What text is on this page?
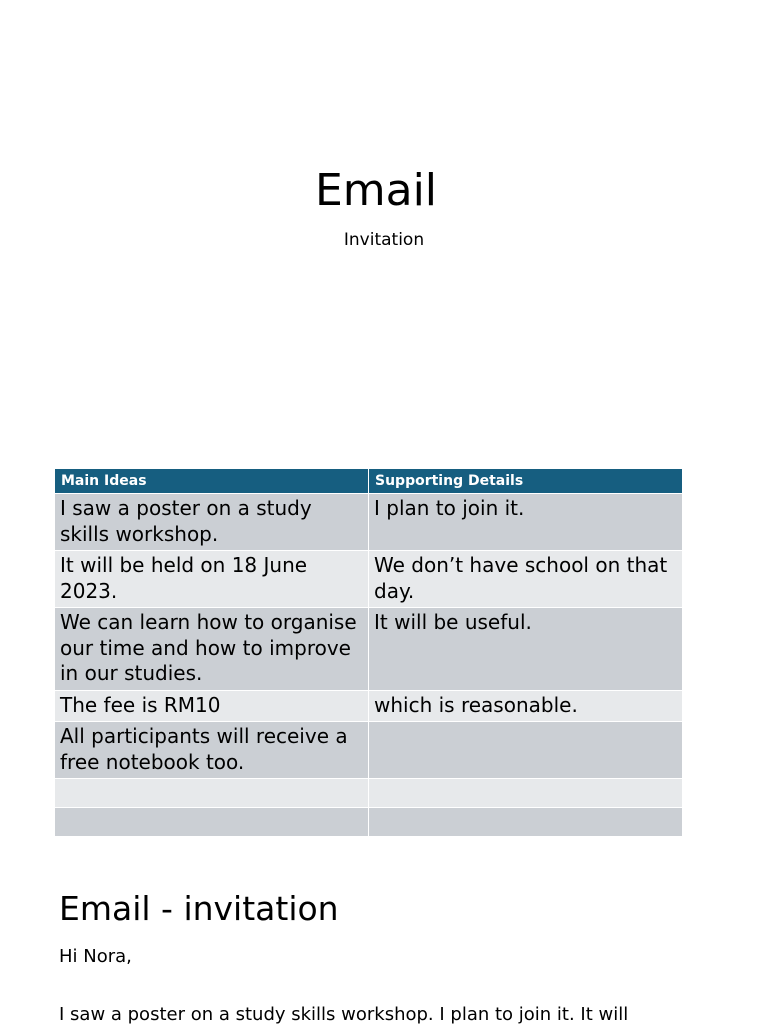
Email

Invitation

Main Ideas	Supporting Details
I saw a poster on a study skills workshop.	I plan to join it.
It will be held on 18 June 2023.	We don’t have school on that day.
We can learn how to organise our time and how to improve in our studies.	It will be useful.
The fee is RM10	which is reasonable.
All participants will receive a free notebook too.	

Email - invitation

Hi Nora,

I saw a poster on a study skills workshop. I plan to join it. It will
